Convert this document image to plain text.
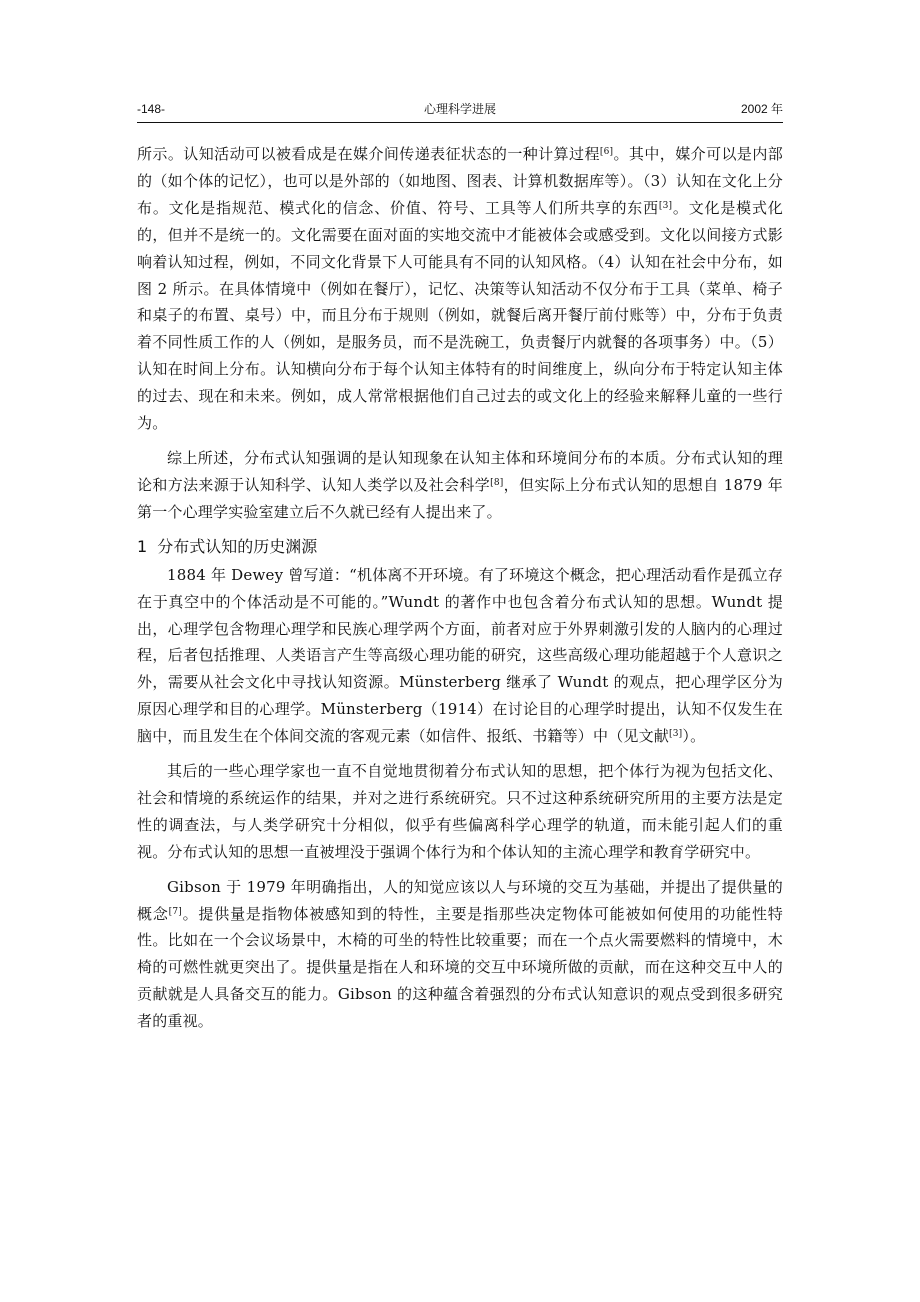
-148-	心理科学进展	2002 年

所示。认知活动可以被看成是在媒介间传递表征状态的一种计算过程[6]。其中，媒介可以是内部的（如个体的记忆），也可以是外部的（如地图、图表、计算机数据库等）。（3）认知在文化上分布。文化是指规范、模式化的信念、价值、符号、工具等人们所共享的东西[3]。文化是模式化的，但并不是统一的。文化需要在面对面的实地交流中才能被体会或感受到。文化以间接方式影响着认知过程，例如，不同文化背景下人可能具有不同的认知风格。（4）认知在社会中分布，如图 2 所示。在具体情境中（例如在餐厅），记忆、决策等认知活动不仅分布于工具（菜单、椅子和桌子的布置、桌号）中，而且分布于规则（例如，就餐后离开餐厅前付账等）中，分布于负责着不同性质工作的人（例如，是服务员，而不是洗碗工，负责餐厅内就餐的各项事务）中。（5）认知在时间上分布。认知横向分布于每个认知主体特有的时间维度上，纵向分布于特定认知主体的过去、现在和未来。例如，成人常常根据他们自己过去的或文化上的经验来解释儿童的一些行为。

综上所述，分布式认知强调的是认知现象在认知主体和环境间分布的本质。分布式认知的理论和方法来源于认知科学、认知人类学以及社会科学[8]，但实际上分布式认知的思想自 1879 年第一个心理学实验室建立后不久就已经有人提出来了。

1 分布式认知的历史渊源

1884 年 Dewey 曾写道：“机体离不开环境。有了环境这个概念，把心理活动看作是孤立存在于真空中的个体活动是不可能的。”Wundt 的著作中也包含着分布式认知的思想。Wundt 提出，心理学包含物理心理学和民族心理学两个方面，前者对应于外界刺激引发的人脑内的心理过程，后者包括推理、人类语言产生等高级心理功能的研究，这些高级心理功能超越于个人意识之外，需要从社会文化中寻找认知资源。Münsterberg 继承了 Wundt 的观点，把心理学区分为原因心理学和目的心理学。Münsterberg（1914）在讨论目的心理学时提出，认知不仅发生在脑中，而且发生在个体间交流的客观元素（如信件、报纸、书籍等）中（见文献[3]）。

其后的一些心理学家也一直不自觉地贯彻着分布式认知的思想，把个体行为视为包括文化、社会和情境的系统运作的结果，并对之进行系统研究。只不过这种系统研究所用的主要方法是定性的调查法，与人类学研究十分相似，似乎有些偏离科学心理学的轨道，而未能引起人们的重视。分布式认知的思想一直被埋没于强调个体行为和个体认知的主流心理学和教育学研究中。

Gibson 于 1979 年明确指出，人的知觉应该以人与环境的交互为基础，并提出了提供量的概念[7]。提供量是指物体被感知到的特性，主要是指那些决定物体可能被如何使用的功能性特性。比如在一个会议场景中，木椅的可坐的特性比较重要；而在一个点火需要燃料的情境中，木椅的可燃性就更突出了。提供量是指在人和环境的交互中环境所做的贡献，而在这种交互中人的贡献就是人具备交互的能力。Gibson 的这种蕴含着强烈的分布式认知意识的观点受到很多研究者的重视。
